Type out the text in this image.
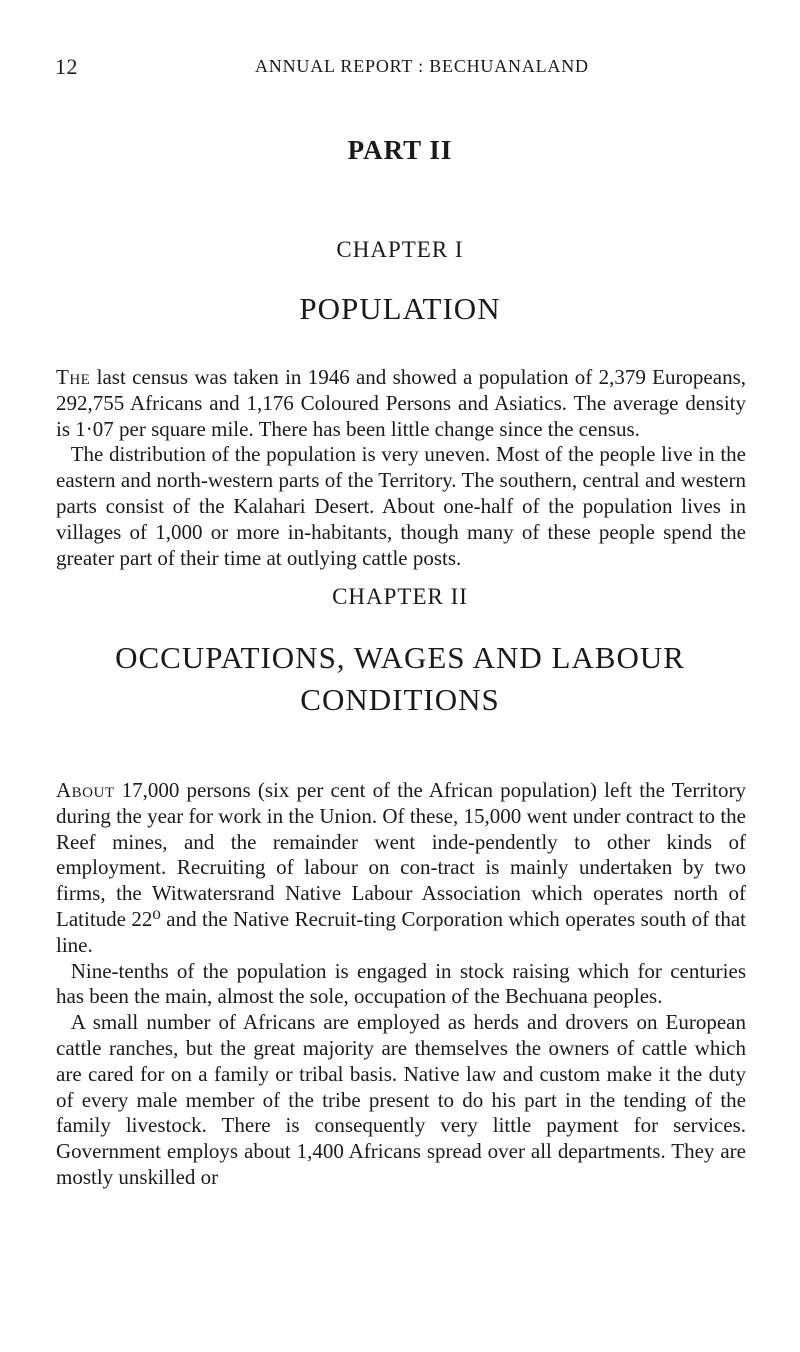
12	ANNUAL REPORT : BECHUANALAND
PART II
CHAPTER I
POPULATION

The last census was taken in 1946 and showed a population of 2,379 Europeans, 292,755 Africans and 1,176 Coloured Persons and Asiatics. The average density is 1·07 per square mile. There has been little change since the census.

The distribution of the population is very uneven. Most of the people live in the eastern and north-western parts of the Territory. The southern, central and western parts consist of the Kalahari Desert. About one-half of the population lives in villages of 1,000 or more in-habitants, though many of these people spend the greater part of their time at outlying cattle posts.

CHAPTER II
OCCUPATIONS, WAGES AND LABOUR
CONDITIONS

About 17,000 persons (six per cent of the African population) left the Territory during the year for work in the Union. Of these, 15,000 went under contract to the Reef mines, and the remainder went inde-pendently to other kinds of employment. Recruiting of labour on con-tract is mainly undertaken by two firms, the Witwatersrand Native Labour Association which operates north of Latitude 22⁰ and the Native Recruit-ting Corporation which operates south of that line.

Nine-tenths of the population is engaged in stock raising which for centuries has been the main, almost the sole, occupation of the Bechuana peoples.

A small number of Africans are employed as herds and drovers on European cattle ranches, but the great majority are themselves the owners of cattle which are cared for on a family or tribal basis. Native law and custom make it the duty of every male member of the tribe present to do his part in the tending of the family livestock. There is consequently very little payment for services. Government employs about 1,400 Africans spread over all departments. They are mostly unskilled or
